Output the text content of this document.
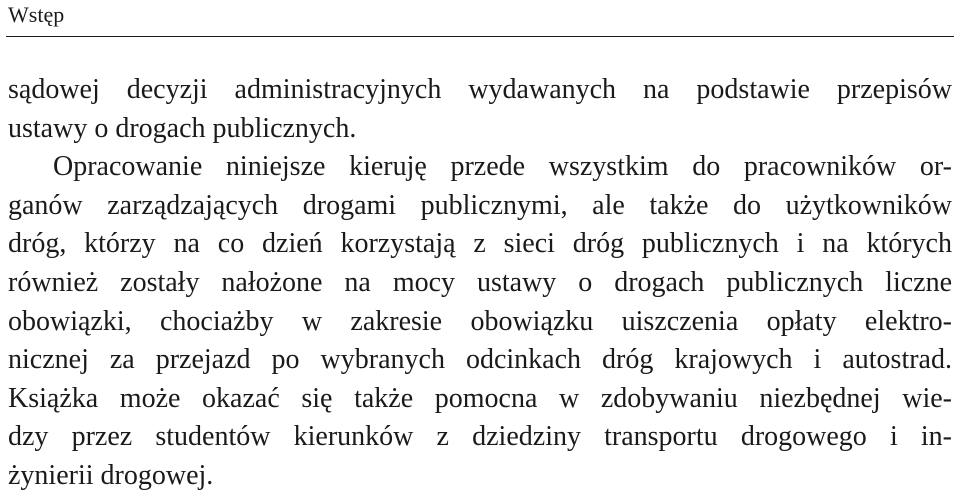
Wstęp
sądowej decyzji administracyjnych wydawanych na podstawie przepisów
ustawy o drogach publicznych.
Opracowanie niniejsze kieruję przede wszystkim do pracowników or-
ganów zarządzających drogami publicznymi, ale także do użytkowników
dróg, którzy na co dzień korzystają z sieci dróg publicznych i na których
również zostały nałożone na mocy ustawy o drogach publicznych liczne
obowiązki, chociażby w zakresie obowiązku uiszczenia opłaty elektro-
nicznej za przejazd po wybranych odcinkach dróg krajowych i autostrad.
Książka może okazać się także pomocna w zdobywaniu niezbędnej wie-
dzy przez studentów kierunków z dziedziny transportu drogowego i in-
żynierii drogowej.
